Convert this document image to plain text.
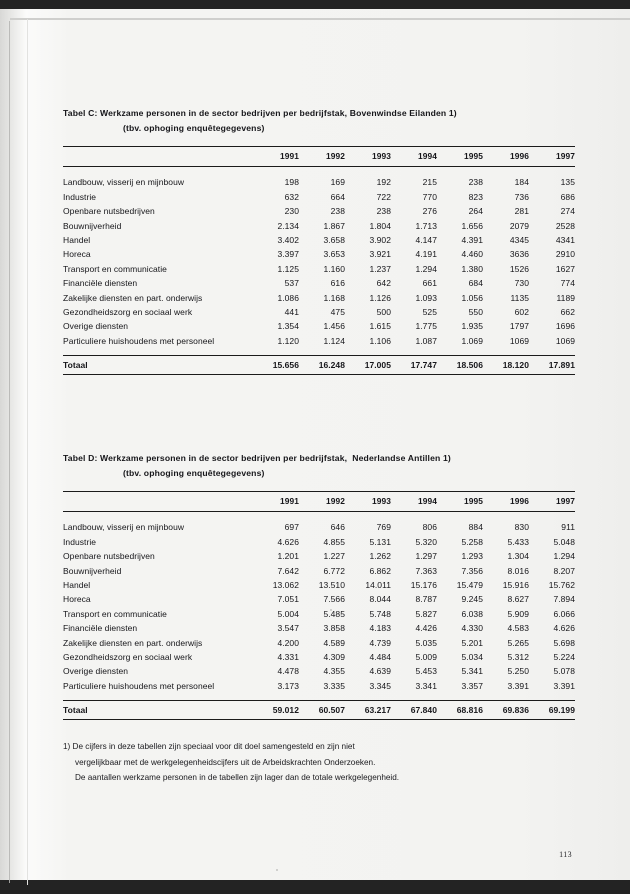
Tabel C: Werkzame personen in de sector bedrijven per bedrijfstak, Bovenwindse Eilanden 1)
(tbv. ophoging enquêtegegevens)
	1991	1992	1993	1994	1995	1996	1997

Landbouw, visserij en mijnbouw	198	169	192	215	238	184	135
Industrie	632	664	722	770	823	736	686
Openbare nutsbedrijven	230	238	238	276	264	281	274
Bouwnijverheid	2.134	1.867	1.804	1.713	1.656	2079	2528
Handel	3.402	3.658	3.902	4.147	4.391	4345	4341
Horeca	3.397	3.653	3.921	4.191	4.460	3636	2910
Transport en communicatie	1.125	1.160	1.237	1.294	1.380	1526	1627
Financiële diensten	537	616	642	661	684	730	774
Zakelijke diensten en part. onderwijs	1.086	1.168	1.126	1.093	1.056	1135	1189
Gezondheidszorg en sociaal werk	441	475	500	525	550	602	662
Overige diensten	1.354	1.456	1.615	1.775	1.935	1797	1696
Particuliere huishoudens met personeel	1.120	1.124	1.106	1.087	1.069	1069	1069

Totaal	15.656	16.248	17.005	17.747	18.506	18.120	17.891
Tabel D: Werkzame personen in de sector bedrijven per bedrijfstak,  Nederlandse Antillen 1)
(tbv. ophoging enquêtegegevens)
	1991	1992	1993	1994	1995	1996	1997

Landbouw, visserij en mijnbouw	697	646	769	806	884	830	911
Industrie	4.626	4.855	5.131	5.320	5.258	5.433	5.048
Openbare nutsbedrijven	1.201	1.227	1.262	1.297	1.293	1.304	1.294
Bouwnijverheid	7.642	6.772	6.862	7.363	7.356	8.016	8.207
Handel	13.062	13.510	14.011	15.176	15.479	15.916	15.762
Horeca	7.051	7.566	8.044	8.787	9.245	8.627	7.894
Transport en communicatie	5.004	5.485	5.748	5.827	6.038	5.909	6.066
Financiële diensten	3.547	3.858	4.183	4.426	4.330	4.583	4.626
Zakelijke diensten en part. onderwijs	4.200	4.589	4.739	5.035	5.201	5.265	5.698
Gezondheidszorg en sociaal werk	4.331	4.309	4.484	5.009	5.034	5.312	5.224
Overige diensten	4.478	4.355	4.639	5.453	5.341	5.250	5.078
Particuliere huishoudens met personeel	3.173	3.335	3.345	3.341	3.357	3.391	3.391

Totaal	59.012	60.507	63.217	67.840	68.816	69.836	69.199
1) De cijfers in deze tabellen zijn speciaal voor dit doel samengesteld en zijn niet
vergelijkbaar met de werkgelegenheidscijfers uit de Arbeidskrachten Onderzoeken.
De aantallen werkzame personen in de tabellen zijn lager dan de totale werkgelegenheid.
113
